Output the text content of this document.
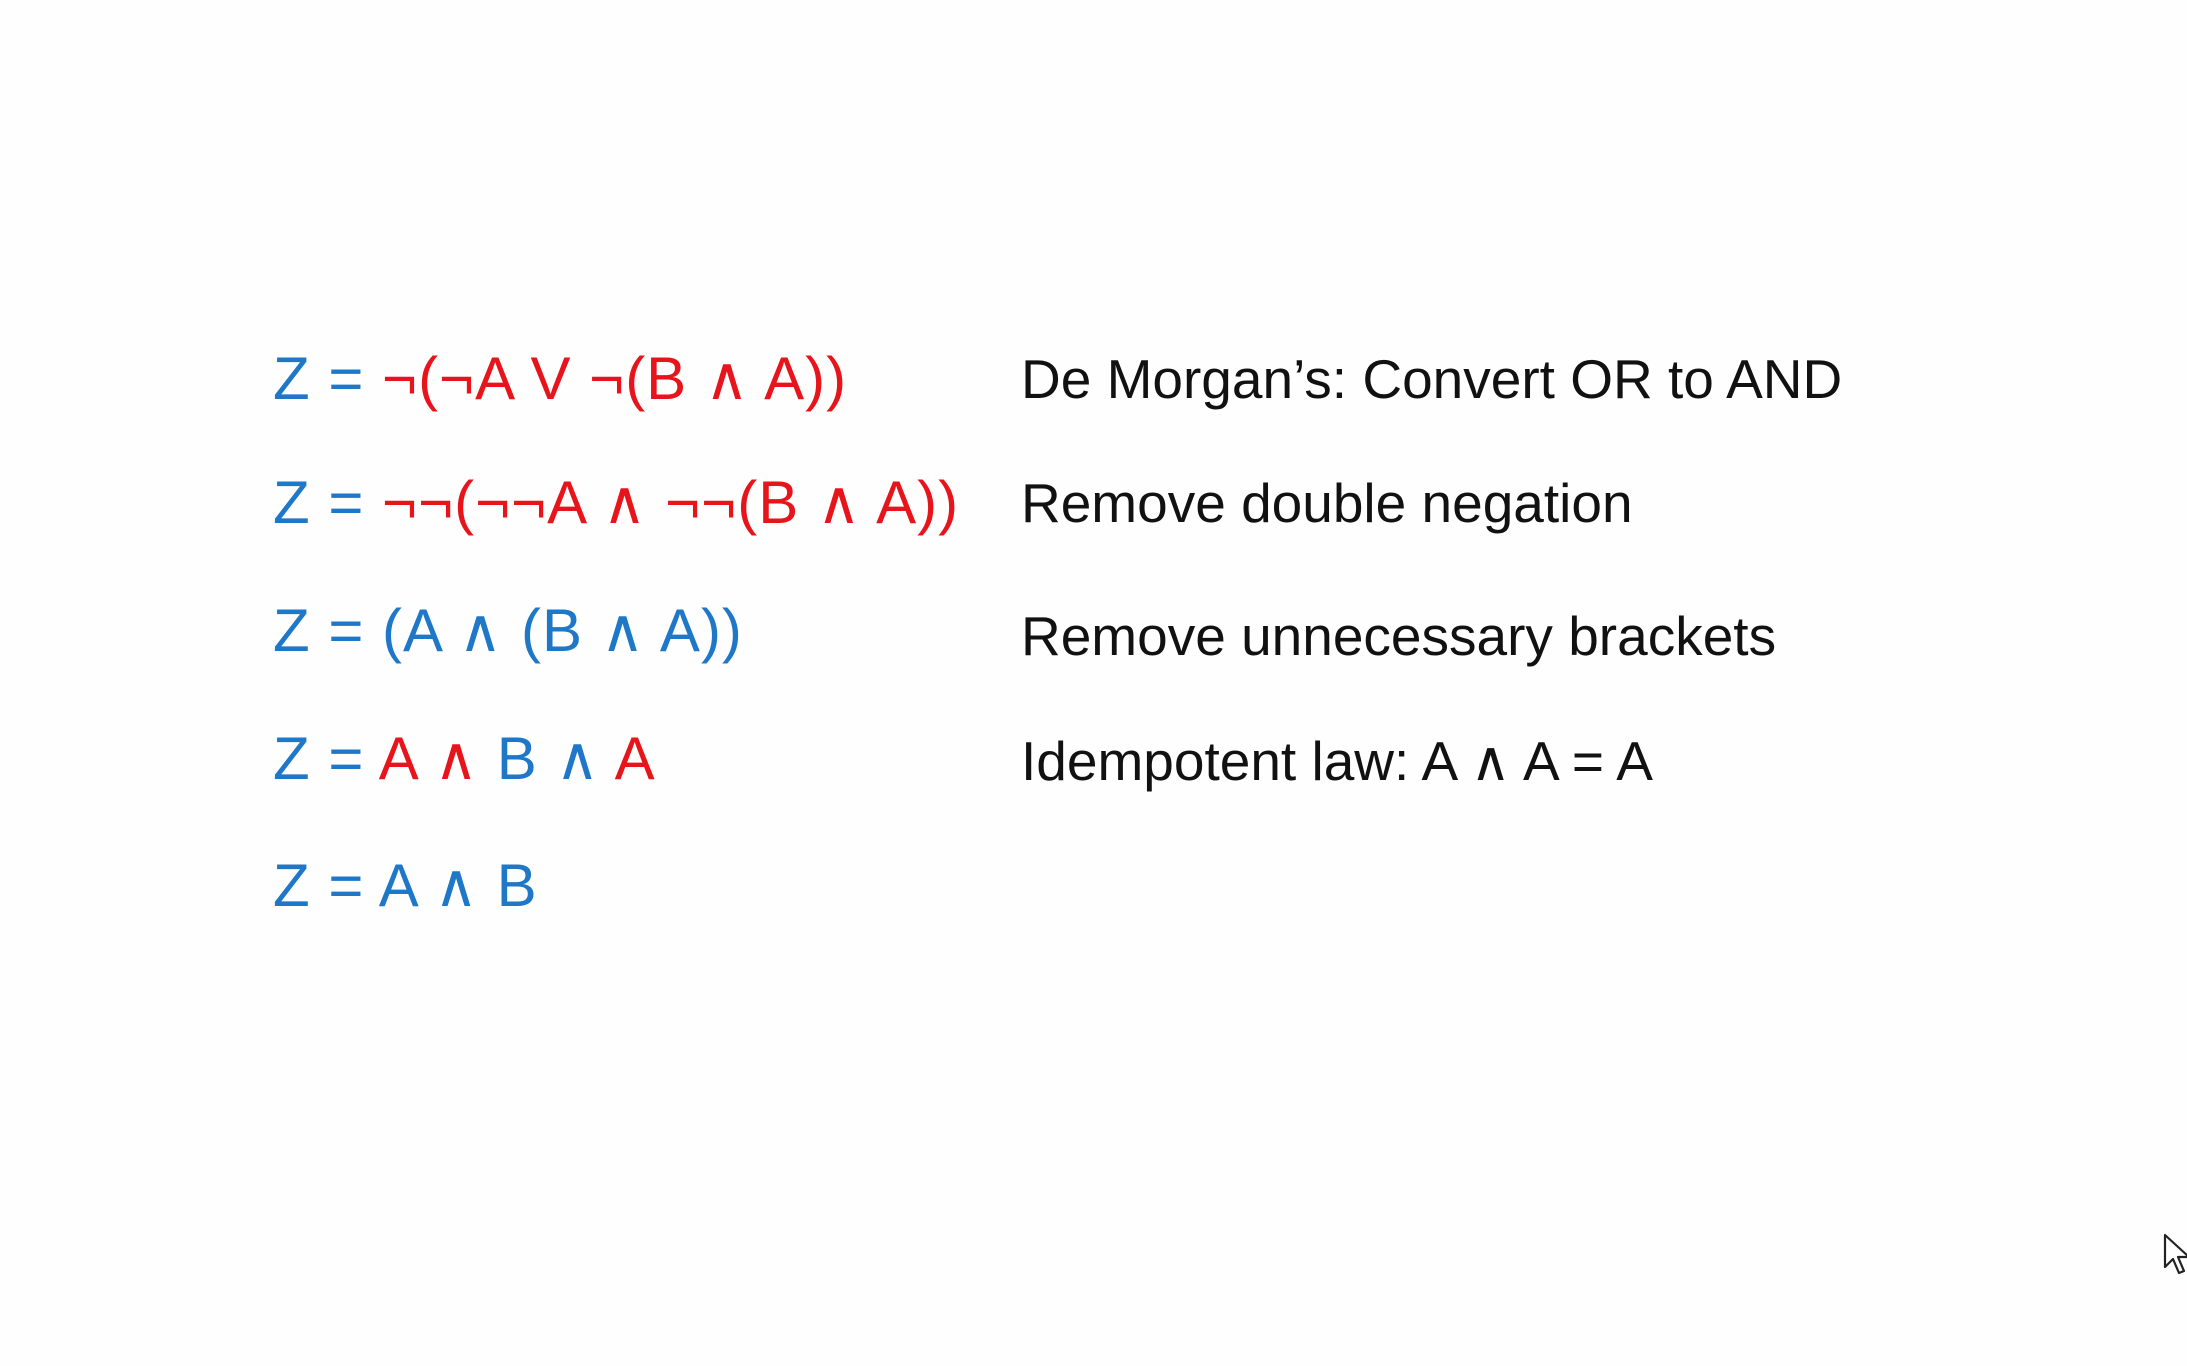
Z = ¬(¬A V ¬(B ∧ A))	De Morgan’s: Convert OR to AND
Z = ¬¬(¬¬A ∧ ¬¬(B ∧ A)) Remove double negation
Z = (A ∧ (B ∧ A))	Remove unnecessary brackets
Z = A ∧ B ∧ A	Idempotent law: A ∧ A = A
Z = A ∧ B
